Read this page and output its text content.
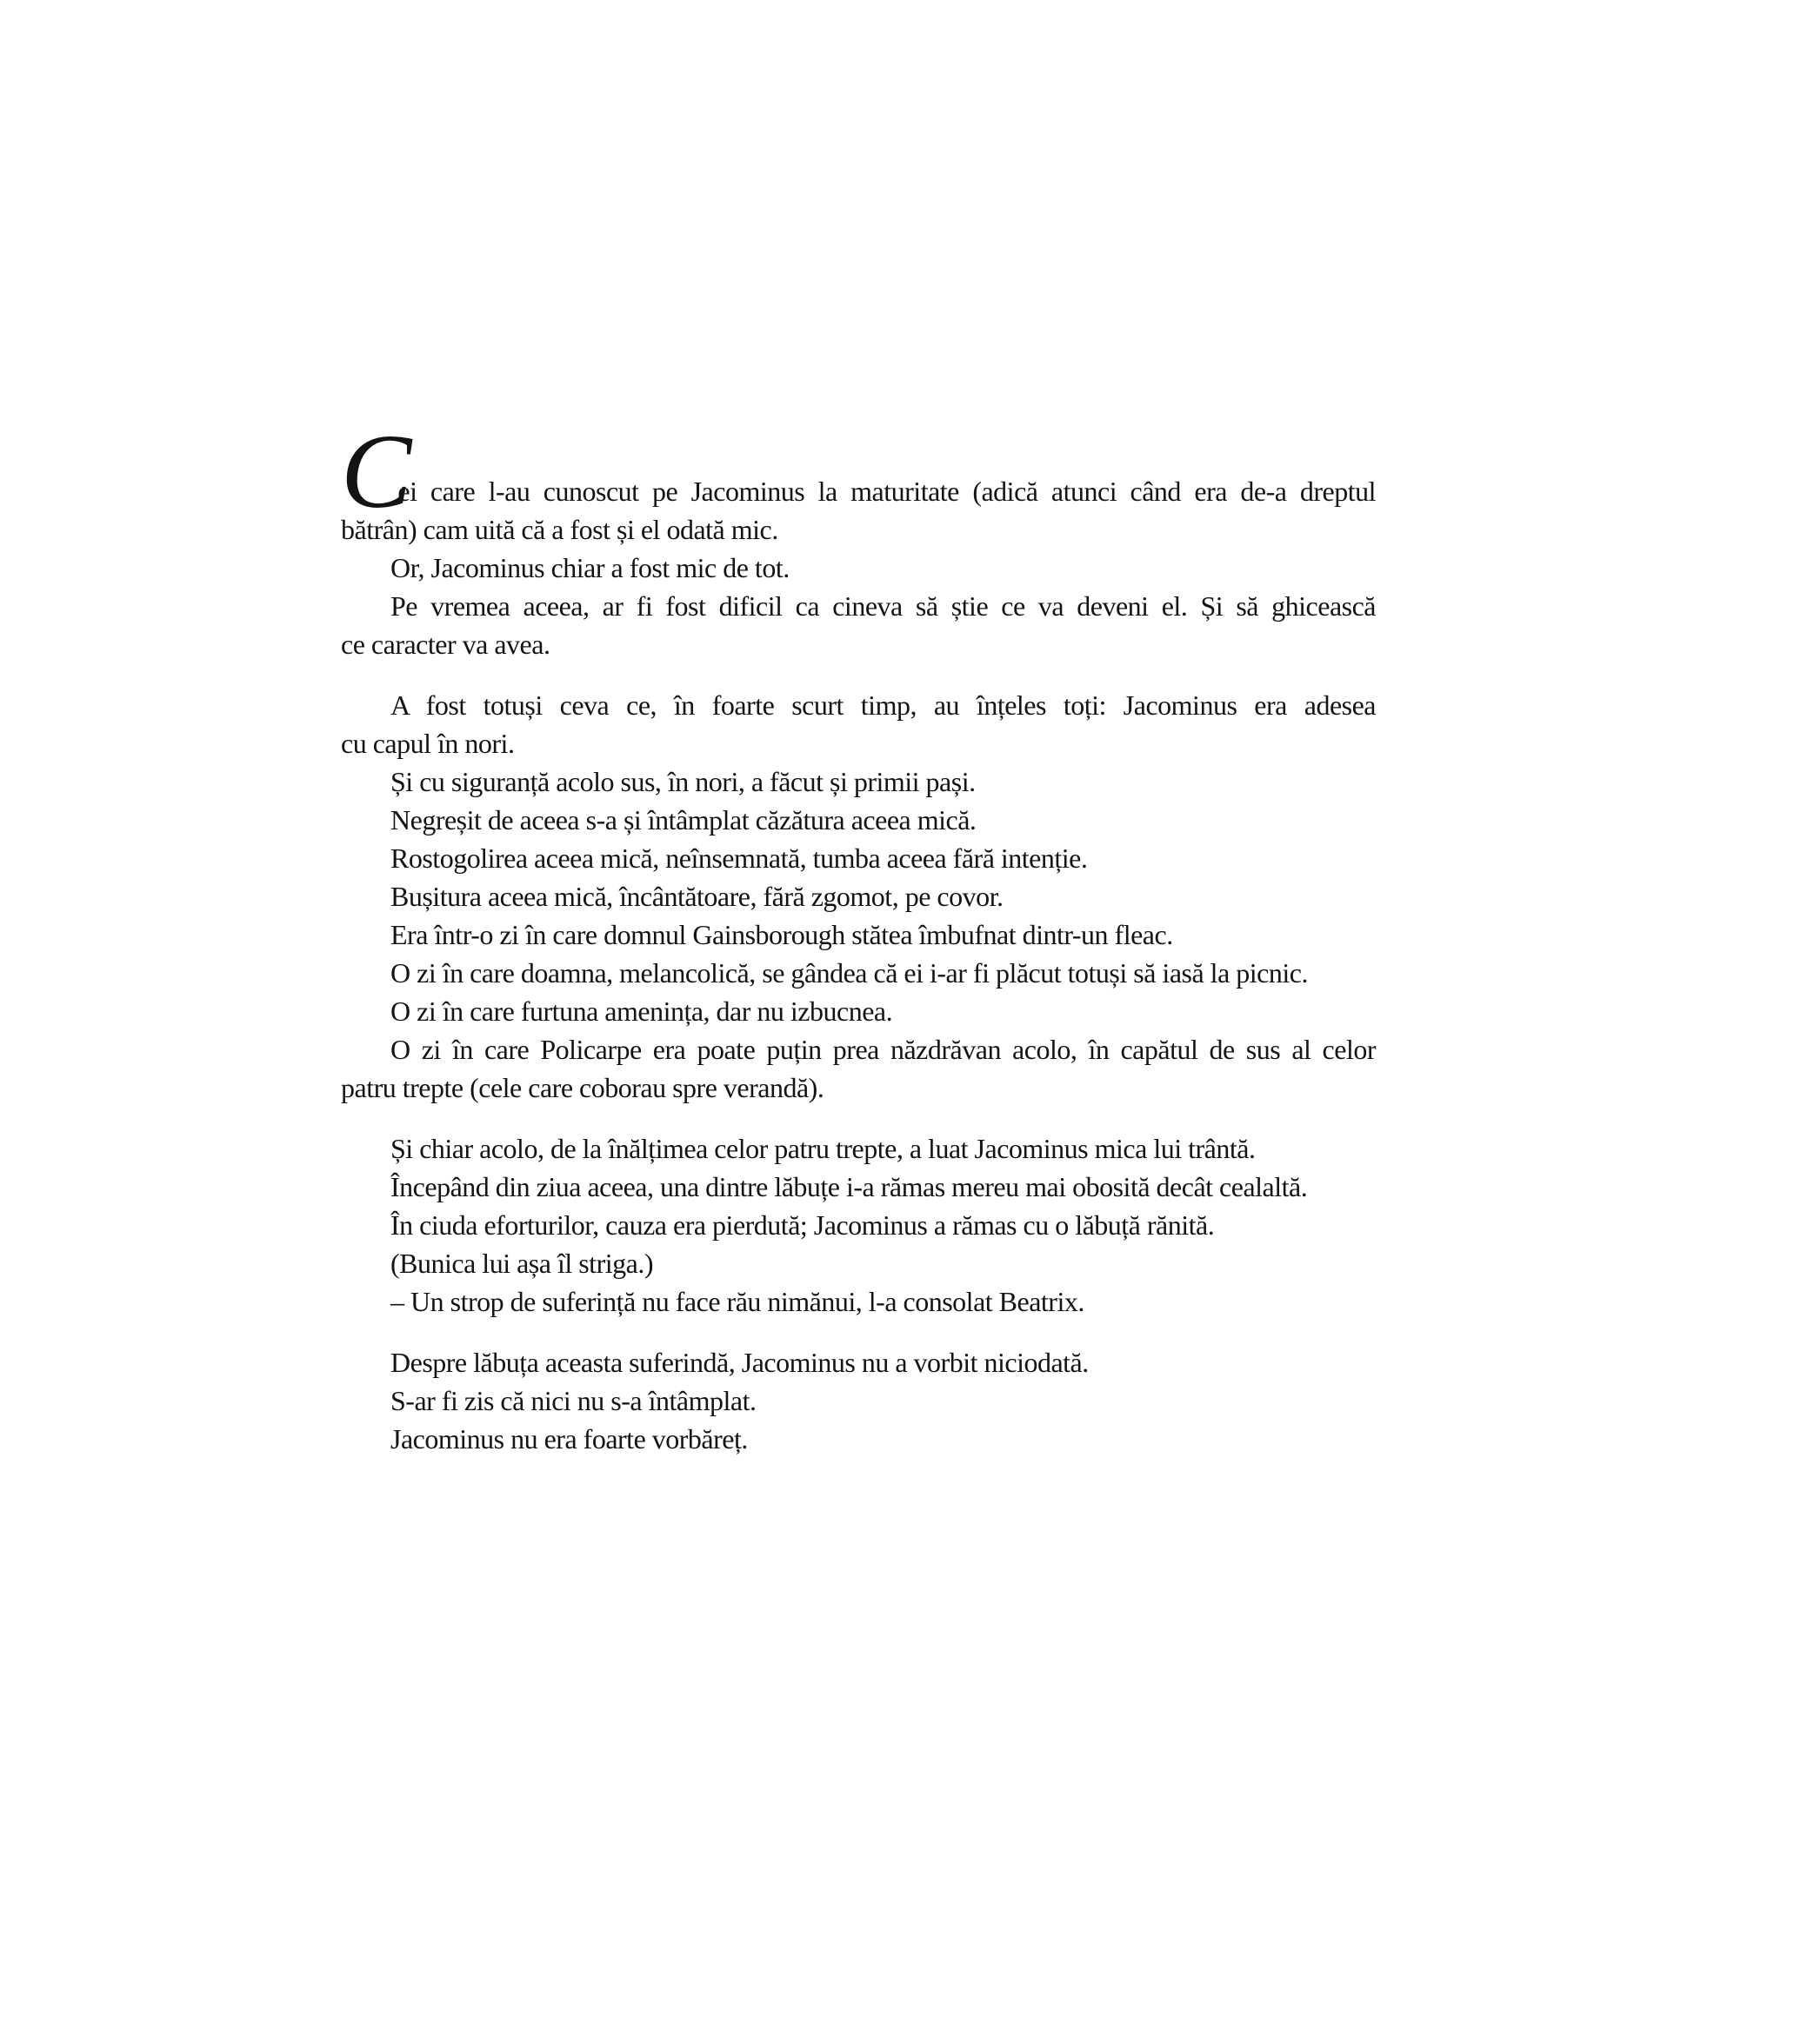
Cei care l-au cunoscut pe Jacominus la maturitate (adică atunci când era de-a dreptul
bătrân) cam uită că a fost și el odată mic.
Or, Jacominus chiar a fost mic de tot.
Pe vremea aceea, ar fi fost dificil ca cineva să știe ce va deveni el. Și să ghicească
ce caracter va avea.
A fost totuși ceva ce, în foarte scurt timp, au înțeles toți: Jacominus era adesea
cu capul în nori.
Și cu siguranță acolo sus, în nori, a făcut și primii pași.
Negreșit de aceea s-a și întâmplat căzătura aceea mică.
Rostogolirea aceea mică, neînsemnată, tumba aceea fără intenție.
Bușitura aceea mică, încântătoare, fără zgomot, pe covor.
Era într-o zi în care domnul Gainsborough stătea îmbufnat dintr-un fleac.
O zi în care doamna, melancolică, se gândea că ei i-ar fi plăcut totuși să iasă la picnic.
O zi în care furtuna amenința, dar nu izbucnea.
O zi în care Policarpe era poate puțin prea năzdrăvan acolo, în capătul de sus al celor
patru trepte (cele care coborau spre verandă).
Și chiar acolo, de la înălțimea celor patru trepte, a luat Jacominus mica lui trântă.
Începând din ziua aceea, una dintre lăbuțe i-a rămas mereu mai obosită decât cealaltă.
În ciuda eforturilor, cauza era pierdută; Jacominus a rămas cu o lăbuță rănită.
(Bunica lui așa îl striga.)
– Un strop de suferință nu face rău nimănui, l-a consolat Beatrix.
Despre lăbuța aceasta suferindă, Jacominus nu a vorbit niciodată.
S-ar fi zis că nici nu s-a întâmplat.
Jacominus nu era foarte vorbăreț.
